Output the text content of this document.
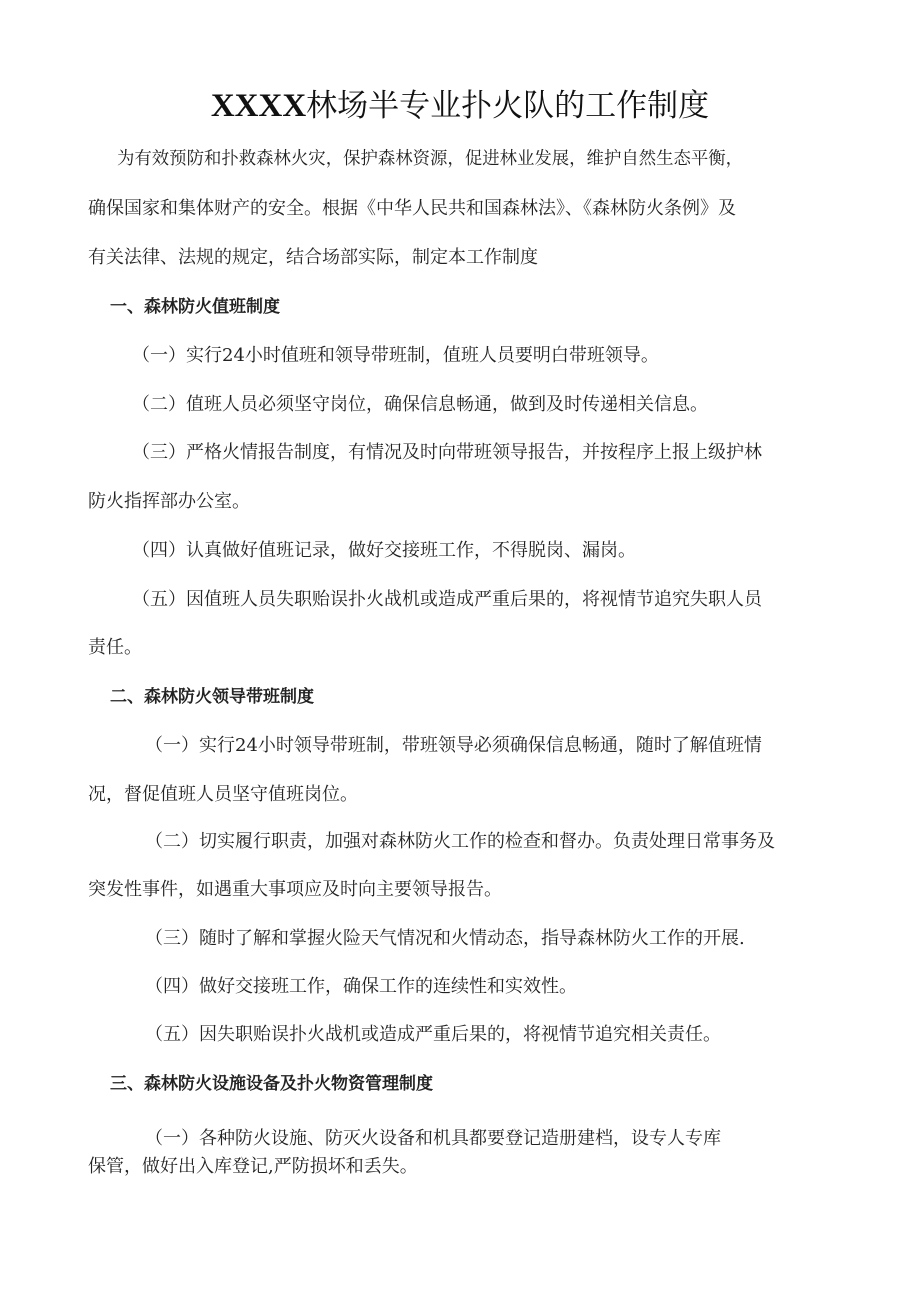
XXXX林场半专业扑火队的工作制度
为有效预防和扑救森林火灾，保护森林资源，促进林业发展，维护自然生态平衡，
确保国家和集体财产的安全。根据《中华人民共和国森林法》、《森林防火条例》及
有关法律、法规的规定，结合场部实际，制定本工作制度
一、森林防火值班制度
（一）实行24小时值班和领导带班制，值班人员要明白带班领导。
（二）值班人员必须坚守岗位，确保信息畅通，做到及时传递相关信息。
（三）严格火情报告制度，有情况及时向带班领导报告，并按程序上报上级护林
防火指挥部办公室。
（四）认真做好值班记录，做好交接班工作，不得脱岗、漏岗。
（五）因值班人员失职贻误扑火战机或造成严重后果的，将视情节追究失职人员
责任。
二、森林防火领导带班制度
（一）实行24小时领导带班制，带班领导必须确保信息畅通，随时了解值班情
况，督促值班人员坚守值班岗位。
（二）切实履行职责，加强对森林防火工作的检查和督办。负责处理日常事务及
突发性事件，如遇重大事项应及时向主要领导报告。
（三）随时了解和掌握火险天气情况和火情动态，指导森林防火工作的开展.
（四）做好交接班工作，确保工作的连续性和实效性。
（五）因失职贻误扑火战机或造成严重后果的，将视情节追究相关责任。
三、森林防火设施设备及扑火物资管理制度
（一）各种防火设施、防灭火设备和机具都要登记造册建档，设专人专库
保管，做好出入库登记,严防损坏和丢失。
